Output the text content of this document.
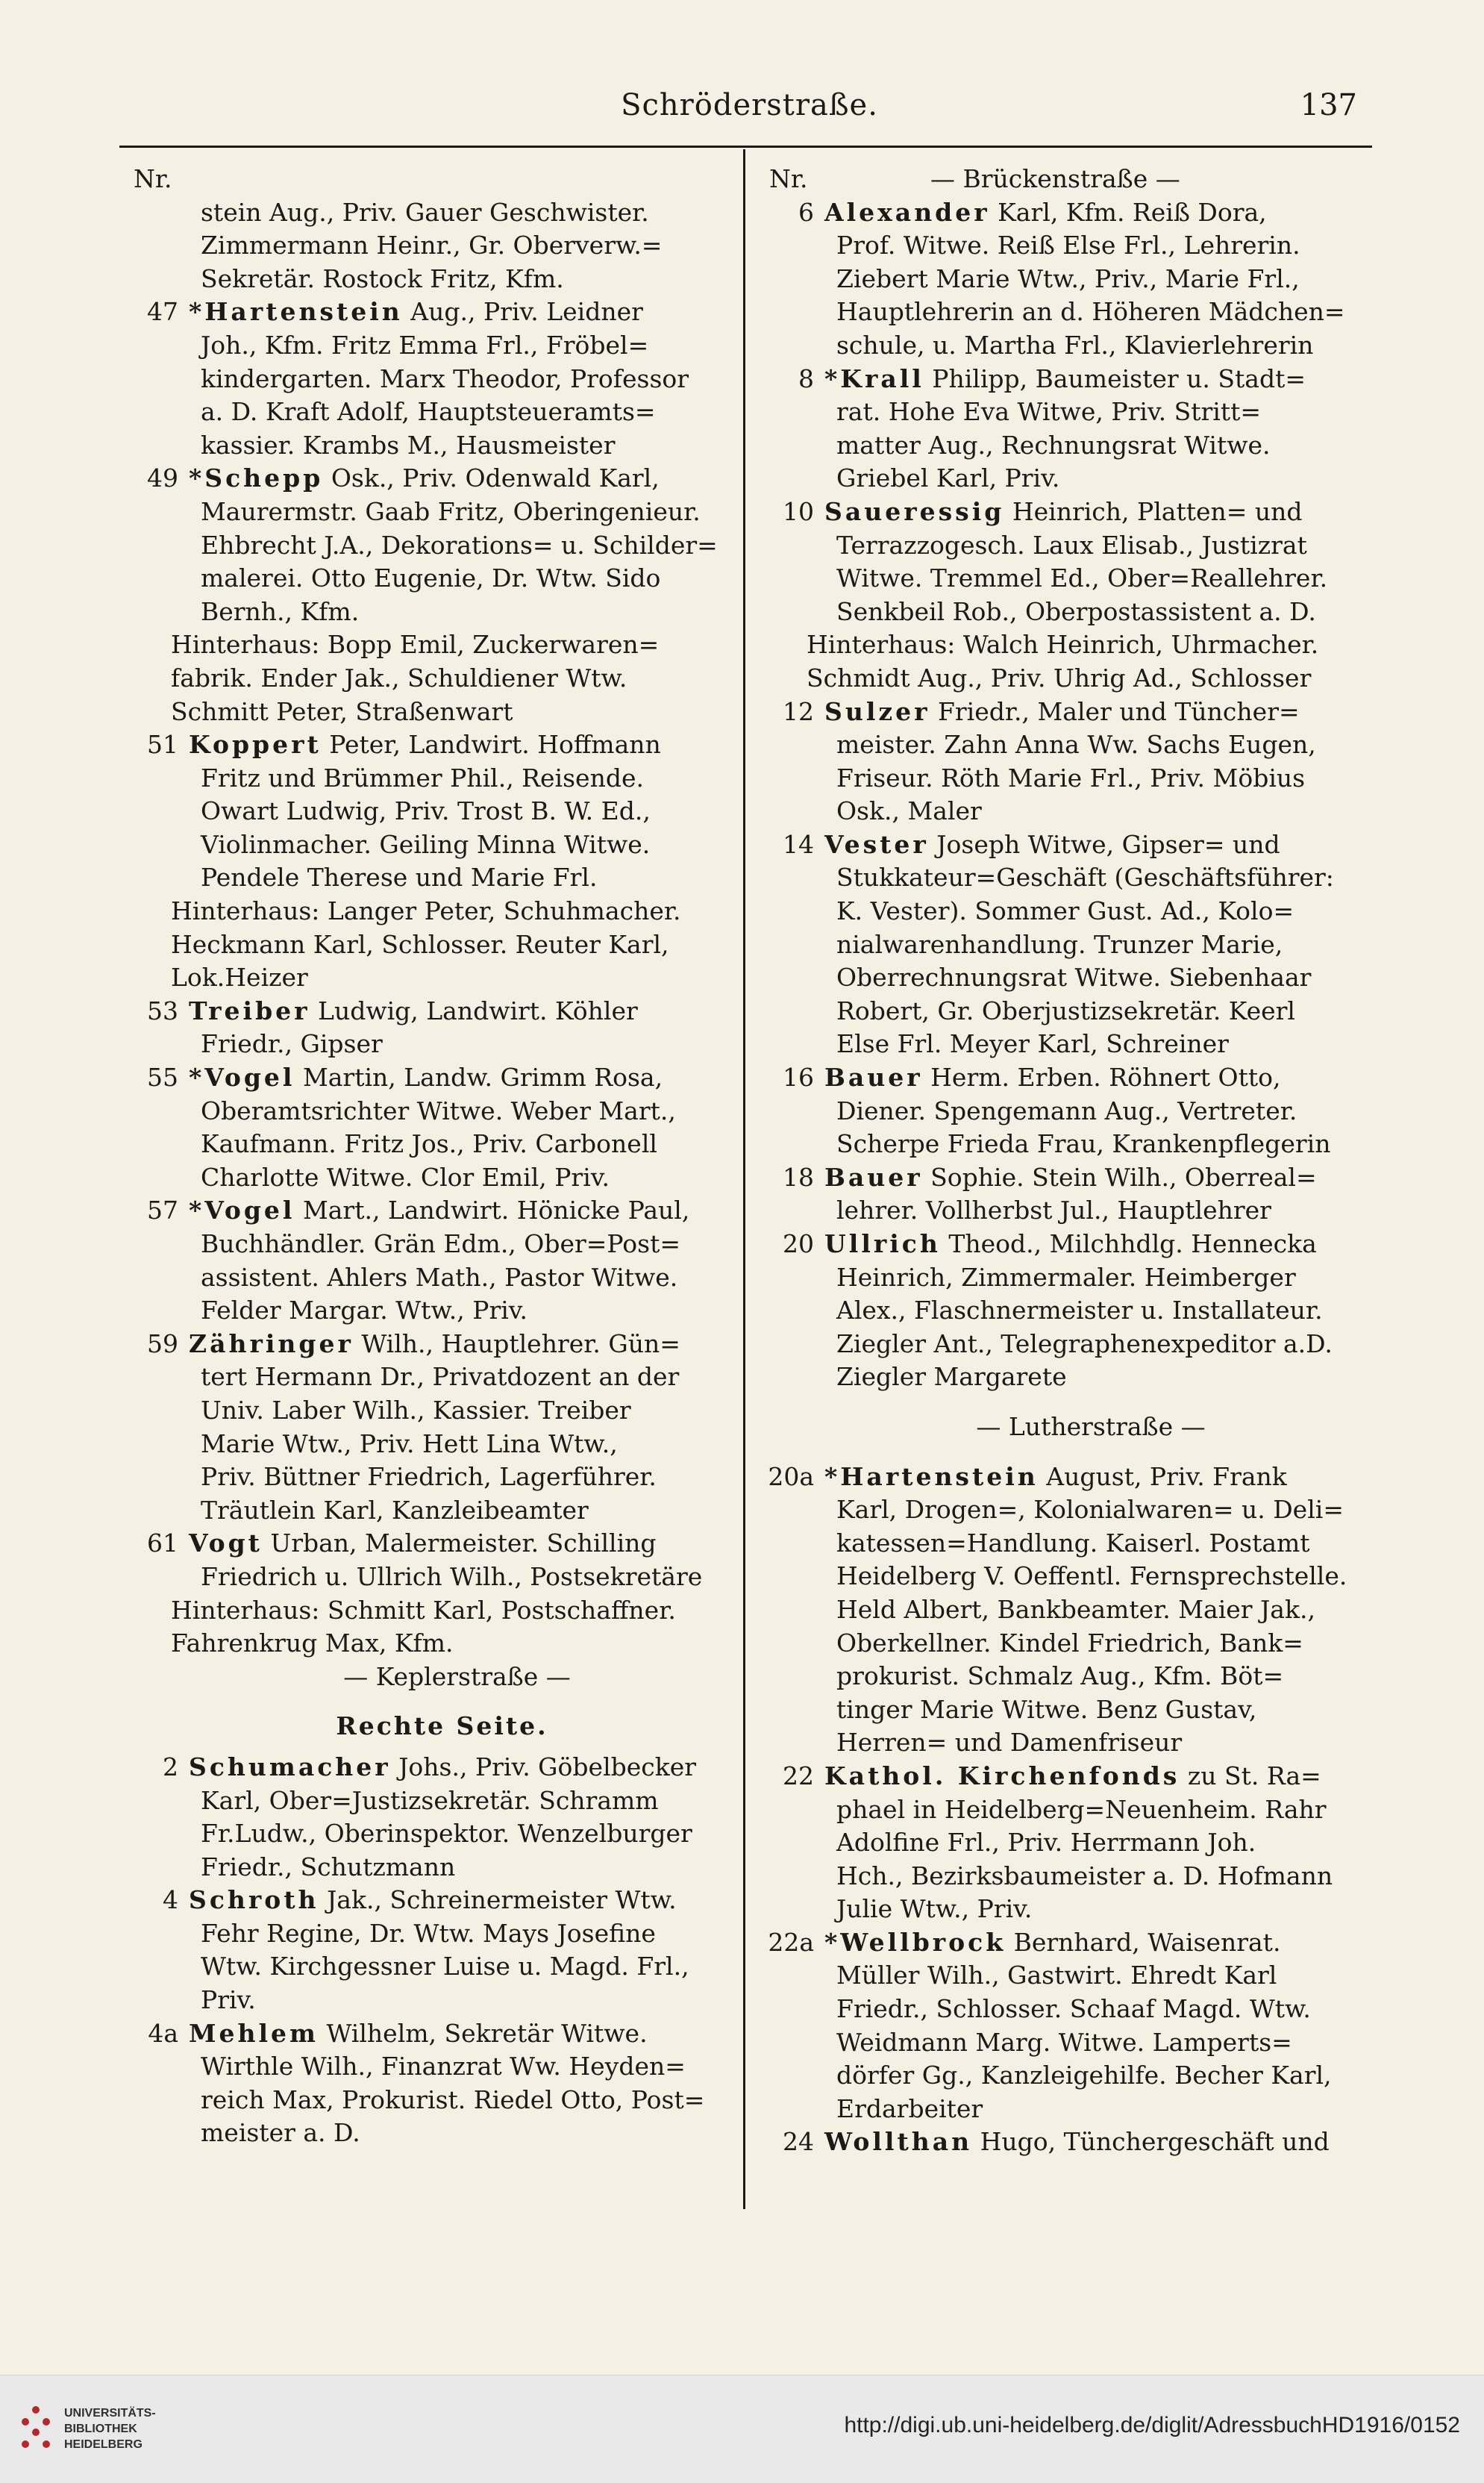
Schröderstraße.	137
Nr.
stein Aug., Priv. Gauer Geschwister.
Zimmermann Heinr., Gr. Oberverw.=
Sekretär. Rostock Fritz, Kfm.
47 *Hartenstein Aug., Priv. Leidner
Joh., Kfm. Fritz Emma Frl., Fröbel=
kindergarten. Marx Theodor, Professor
a. D. Kraft Adolf, Hauptsteueramts=
kassier. Krambs M., Hausmeister
49 *Schepp Osk., Priv. Odenwald Karl,
Maurermstr. Gaab Fritz, Oberingenieur.
Ehbrecht J.A., Dekorations= u. Schilder=
malerei. Otto Eugenie, Dr. Wtw. Sido
Bernh., Kfm.
Hinterhaus: Bopp Emil, Zuckerwaren=
fabrik. Ender Jak., Schuldiener Wtw.
Schmitt Peter, Straßenwart
51 Koppert Peter, Landwirt. Hoffmann
Fritz und Brümmer Phil., Reisende.
Owart Ludwig, Priv. Trost B. W. Ed.,
Violinmacher. Geiling Minna Witwe.
Pendele Therese und Marie Frl.
Hinterhaus: Langer Peter, Schuhmacher.
Heckmann Karl, Schlosser. Reuter Karl,
Lok.Heizer
53 Treiber Ludwig, Landwirt. Köhler
Friedr., Gipser
55 *Vogel Martin, Landw. Grimm Rosa,
Oberamtsrichter Witwe. Weber Mart.,
Kaufmann. Fritz Jos., Priv. Carbonell
Charlotte Witwe. Clor Emil, Priv.
57 *Vogel Mart., Landwirt. Hönicke Paul,
Buchhändler. Grän Edm., Ober=Post=
assistent. Ahlers Math., Pastor Witwe.
Felder Margar. Wtw., Priv.
59 Zähringer Wilh., Hauptlehrer. Gün=
tert Hermann Dr., Privatdozent an der
Univ. Laber Wilh., Kassier. Treiber
Marie Wtw., Priv. Hett Lina Wtw.,
Priv. Büttner Friedrich, Lagerführer.
Träutlein Karl, Kanzleibeamter
61 Vogt Urban, Malermeister. Schilling
Friedrich u. Ullrich Wilh., Postsekretäre
Hinterhaus: Schmitt Karl, Postschaffner.
Fahrenkrug Max, Kfm.
— Keplerstraße —
Rechte Seite.
2 Schumacher Johs., Priv. Göbelbecker
Karl, Ober=Justizsekretär. Schramm
Fr.Ludw., Oberinspektor. Wenzelburger
Friedr., Schutzmann
4 Schroth Jak., Schreinermeister Wtw.
Fehr Regine, Dr. Wtw. Mays Josefine
Wtw. Kirchgessner Luise u. Magd. Frl.,
Priv.
4a Mehlem Wilhelm, Sekretär Witwe.
Wirthle Wilh., Finanzrat Ww. Heyden=
reich Max, Prokurist. Riedel Otto, Post=
meister a. D.
Nr.	— Brückenstraße —
6 Alexander Karl, Kfm. Reiß Dora,
Prof. Witwe. Reiß Else Frl., Lehrerin.
Ziebert Marie Wtw., Priv., Marie Frl.,
Hauptlehrerin an d. Höheren Mädchen=
schule, u. Martha Frl., Klavierlehrerin
8 *Krall Philipp, Baumeister u. Stadt=
rat. Hohe Eva Witwe, Priv. Stritt=
matter Aug., Rechnungsrat Witwe.
Griebel Karl, Priv.
10 Saueressig Heinrich, Platten= und
Terrazzogesch. Laux Elisab., Justizrat
Witwe. Tremmel Ed., Ober=Reallehrer.
Senkbeil Rob., Oberpostassistent a. D.
Hinterhaus: Walch Heinrich, Uhrmacher.
Schmidt Aug., Priv. Uhrig Ad., Schlosser
12 Sulzer Friedr., Maler und Tüncher=
meister. Zahn Anna Ww. Sachs Eugen,
Friseur. Röth Marie Frl., Priv. Möbius
Osk., Maler
14 Vester Joseph Witwe, Gipser= und
Stukkateur=Geschäft (Geschäftsführer:
K. Vester). Sommer Gust. Ad., Kolo=
nialwarenhandlung. Trunzer Marie,
Oberrechnungsrat Witwe. Siebenhaar
Robert, Gr. Oberjustizsekretär. Keerl
Else Frl. Meyer Karl, Schreiner
16 Bauer Herm. Erben. Röhnert Otto,
Diener. Spengemann Aug., Vertreter.
Scherpe Frieda Frau, Krankenpflegerin
18 Bauer Sophie. Stein Wilh., Oberreal=
lehrer. Vollherbst Jul., Hauptlehrer
20 Ullrich Theod., Milchhdlg. Hennecka
Heinrich, Zimmermaler. Heimberger
Alex., Flaschnermeister u. Installateur.
Ziegler Ant., Telegraphenexpeditor a.D.
Ziegler Margarete
— Lutherstraße —
20a *Hartenstein August, Priv. Frank
Karl, Drogen=, Kolonialwaren= u. Deli=
katessen=Handlung. Kaiserl. Postamt
Heidelberg V. Oeffentl. Fernsprechstelle.
Held Albert, Bankbeamter. Maier Jak.,
Oberkellner. Kindel Friedrich, Bank=
prokurist. Schmalz Aug., Kfm. Böt=
tinger Marie Witwe. Benz Gustav,
Herren= und Damenfriseur
22 Kathol. Kirchenfonds zu St. Ra=
phael in Heidelberg=Neuenheim. Rahr
Adolfine Frl., Priv. Herrmann Joh.
Hch., Bezirksbaumeister a. D. Hofmann
Julie Wtw., Priv.
22a *Wellbrock Bernhard, Waisenrat.
Müller Wilh., Gastwirt. Ehredt Karl
Friedr., Schlosser. Schaaf Magd. Wtw.
Weidmann Marg. Witwe. Lamperts=
dörfer Gg., Kanzleigehilfe. Becher Karl,
Erdarbeiter
24 Wollthan Hugo, Tünchergeschäft und
UNIVERSITÄTS-
BIBLIOTHEK
HEIDELBERG
http://digi.ub.uni-heidelberg.de/diglit/AdressbuchHD1916/0152
